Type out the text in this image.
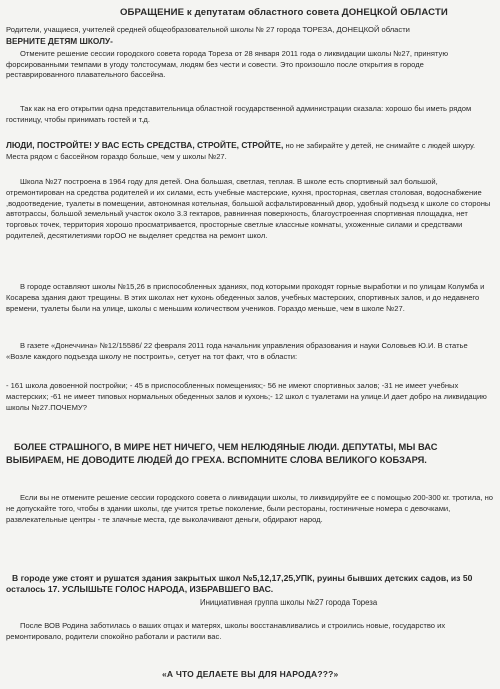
ОБРАЩЕНИЕ к депутатам областного совета ДОНЕЦКОЙ ОБЛАСТИ

Родители, учащиеся, учителей средней общеобразовательной школы № 27 города ТОРЕЗА, ДОНЕЦКОЙ области

ВЕРНИТЕ ДЕТЯМ ШКОЛУ-

Отмените решение сессии городского совета города Тореза от 28 января 2011 года о ликвидации школы №27, принятую форсированными темпами в угоду толстосумам, людям без чести и совести. Это произошло после открытия в городе реставрированного плавательного бассейна.

Так как на его открытии одна представительница областной государственной администрации сказала: хорошо бы иметь рядом гостиницу, чтобы принимать гостей и т.д.

ЛЮДИ, ПОСТРОЙТЕ! У ВАС ЕСТЬ СРЕДСТВА, СТРОЙТЕ, СТРОЙТЕ, но не забирайте у детей, не снимайте с людей шкуру. Места рядом с бассейном гораздо больше, чем у школы №27.

Школа №27 построена в 1964 году для детей. Она большая, светлая, теплая. В школе есть спортивный зал большой, отремонтирован на средства родителей и их силами, есть учебные мастерские, кухня, просторная, светлая столовая, водоснабжение ,водоотведение, туалеты в помещении, автономная котельная, большой асфальтированный двор, удобный подъезд к школе со стороны автотрассы, большой земельный участок около 3.3 гектаров, равнинная поверхность, благоустроенная спортивная площадка, нет торговых точек, территория хорошо просматривается, просторные светлые классные комнаты, ухоженные силами и средствами родителей, десятилетиями горОО не выделяет средства на ремонт школ.

В городе оставляют школы №15,26 в приспособленных зданиях, под которыми проходят горные выработки и по улицам Колумба и Косарева здания дают трещины. В этих школах нет кухонь обеденных залов, учебных мастерских, спортивных залов, и до недавнего времени, туалеты были на улице, школы с меньшим количеством учеников. Гораздо меньше, чем в школе №27.

В газете «Донеччина» №12/15586/ 22 февраля 2011 года начальник управления образования и науки Соловьев Ю.И. В статье «Возле каждого подъезда школу не построить», сетует на тот факт, что в области:

- 161 школа довоенной постройки; - 45 в приспособленных помещениях;- 56 не имеют спортивных залов; -31 не имеет учебных мастерских; -61 не имеет типовых нормальных обеденных залов и кухонь;- 12 школ с туалетами на улице.И дает добро на ликвидацию школы №27.ПОЧЕМУ?

БОЛЕЕ СТРАШНОГО, В МИРЕ НЕТ НИЧЕГО, ЧЕМ НЕЛЮДЯНЫЕ ЛЮДИ. ДЕПУТАТЫ, МЫ ВАС ВЫБИРАЕМ, НЕ ДОВОДИТЕ ЛЮДЕЙ ДО ГРЕХА. ВСПОМНИТЕ СЛОВА ВЕЛИКОГО КОБЗАРЯ.

Если вы не отмените решение сессии городского совета о ликвидации школы, то ликвидируйте ее с помощью 200-300 кг. тротила, но не допускайте того, чтобы в здании школы, где учится третье поколение, были рестораны, гостиничные номера с девочками, развлекательные центры - те злачные места, где выколачивают деньги, обдирают народ.

В городе уже стоят и рушатся здания закрытых школ №5,12,17,25,УПК, руины бывших детских садов, из 50 осталось 17. УСЛЫШЬТЕ ГОЛОС НАРОДА, ИЗБРАВШЕГО ВАС.

Инициативная группа школы №27 города Тореза

После ВОВ Родина заботилась о ваших отцах и матерях, школы восстанавливались и строились новые, государство их ремонтировало, родители спокойно работали и растили вас.

«А ЧТО ДЕЛАЕТЕ ВЫ ДЛЯ НАРОДА???»
